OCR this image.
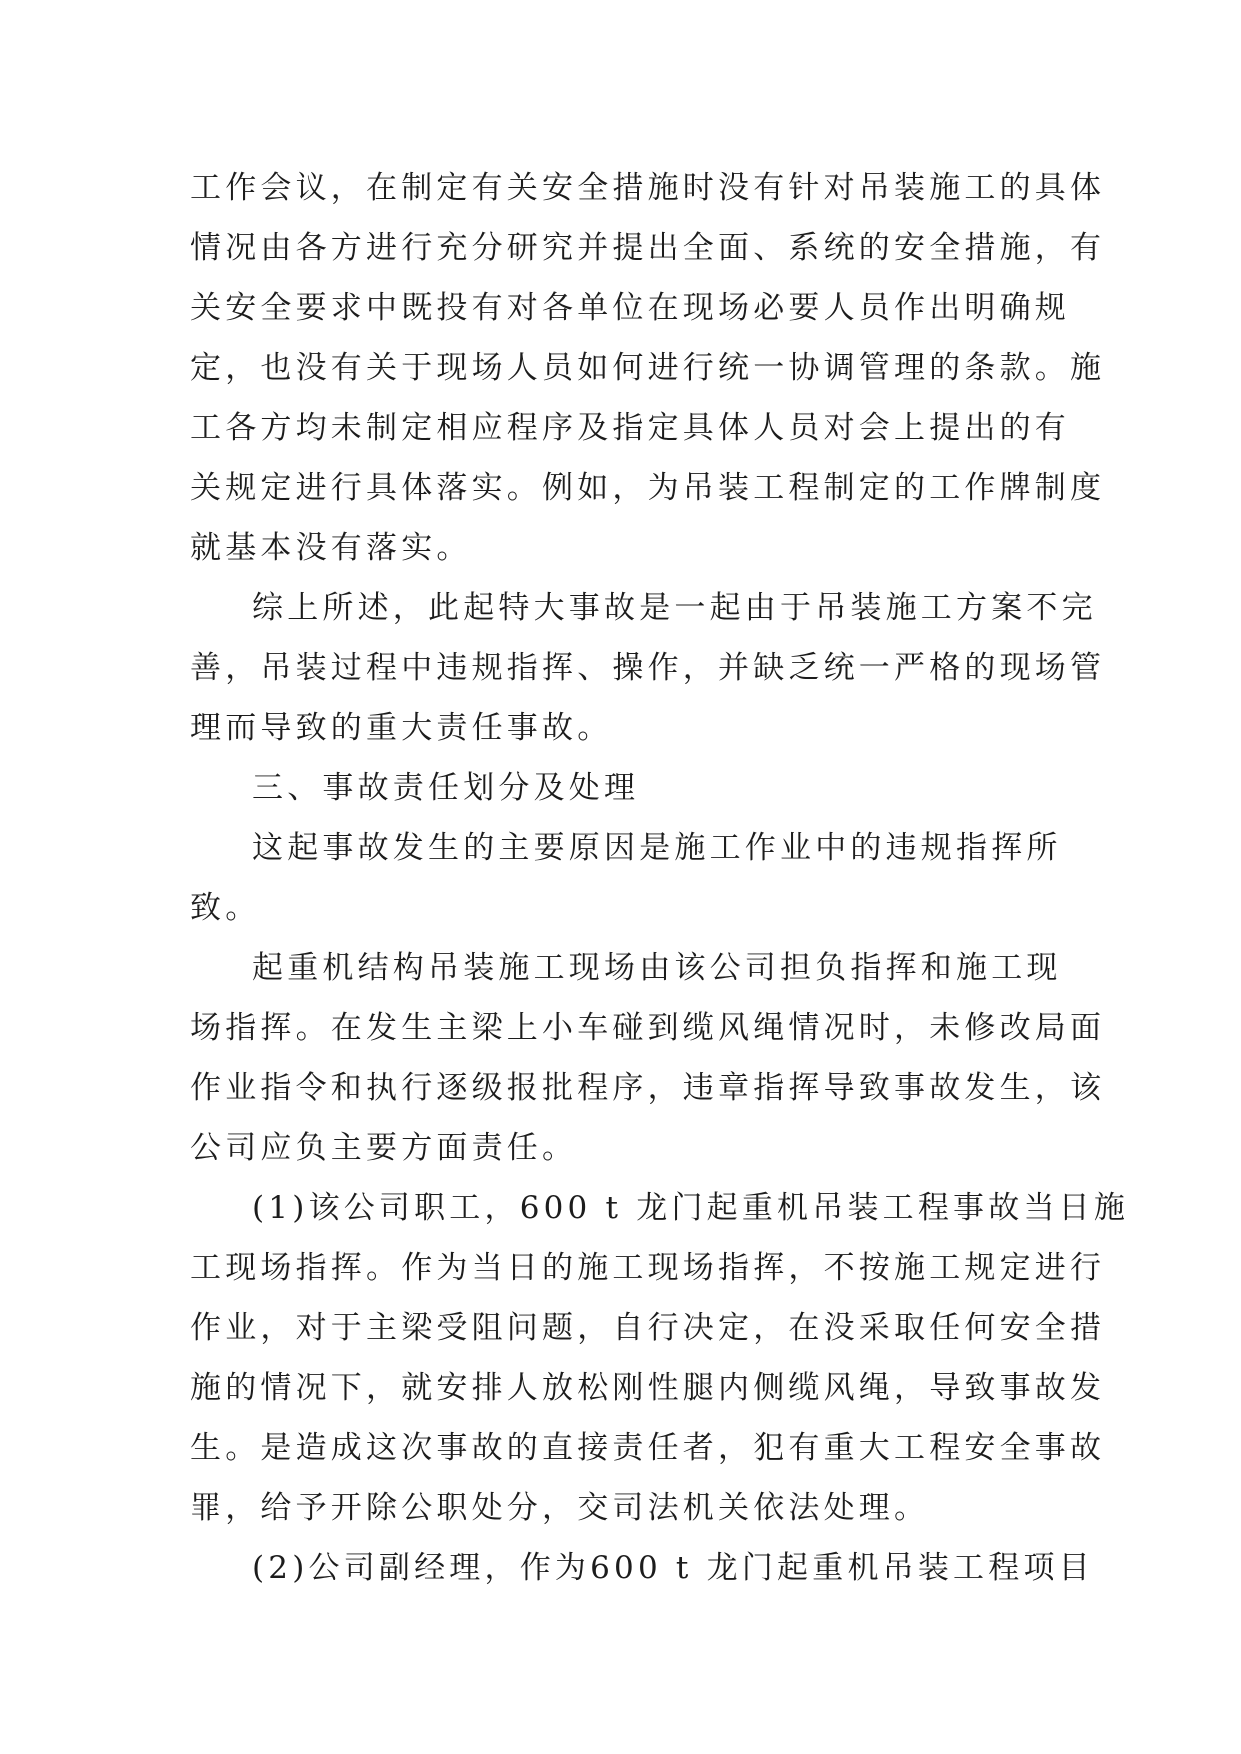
工作会议，在制定有关安全措施时没有针对吊装施工的具体
情况由各方进行充分研究并提出全面、系统的安全措施，有
关安全要求中既投有对各单位在现场必要人员作出明确规
定，也没有关于现场人员如何进行统一协调管理的条款。施
工各方均未制定相应程序及指定具体人员对会上提出的有
关规定进行具体落实。例如，为吊装工程制定的工作牌制度
就基本没有落实。
综上所述，此起特大事故是一起由于吊装施工方案不完
善，吊装过程中违规指挥、操作，并缺乏统一严格的现场管
理而导致的重大责任事故。
三、事故责任划分及处理
这起事故发生的主要原因是施工作业中的违规指挥所
致。
起重机结构吊装施工现场由该公司担负指挥和施工现
场指挥。在发生主梁上小车碰到缆风绳情况时，未修改局面
作业指令和执行逐级报批程序，违章指挥导致事故发生，该
公司应负主要方面责任。
(1)该公司职工，600 t 龙门起重机吊装工程事故当日施
工现场指挥。作为当日的施工现场指挥，不按施工规定进行
作业，对于主梁受阻问题，自行决定，在没采取任何安全措
施的情况下，就安排人放松刚性腿内侧缆风绳，导致事故发
生。是造成这次事故的直接责任者，犯有重大工程安全事故
罪，给予开除公职处分，交司法机关依法处理。
(2)公司副经理，作为600 t 龙门起重机吊装工程项目
